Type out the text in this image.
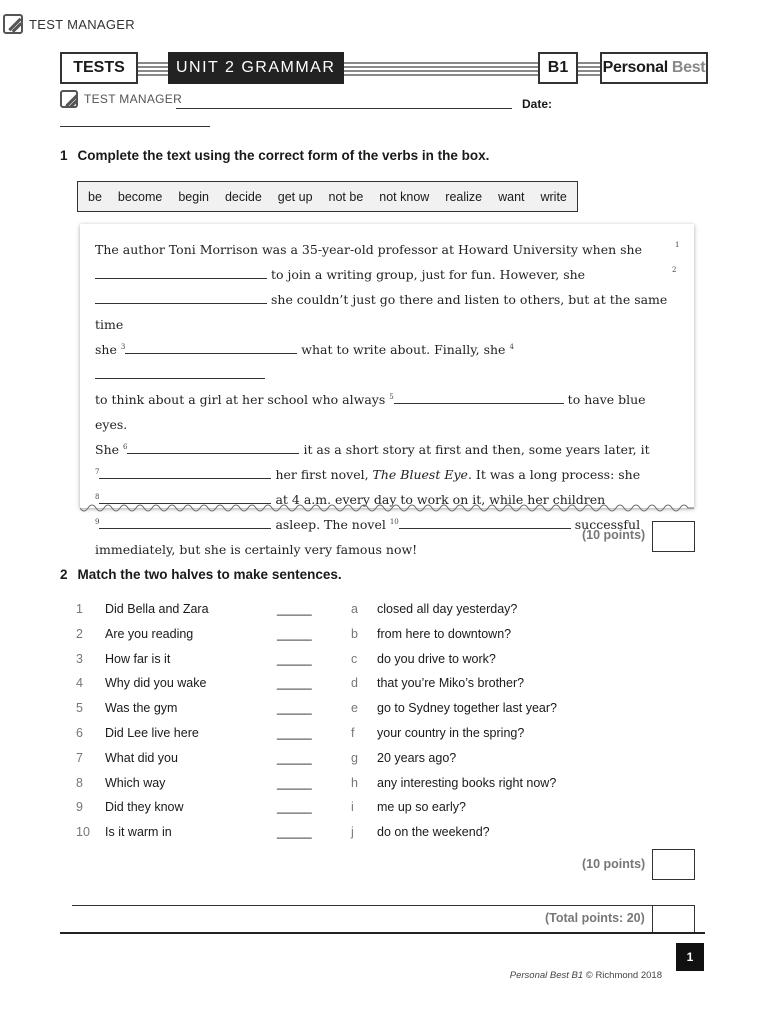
TEST MANAGER
TESTS	UNIT 2 GRAMMAR	B1	Personal Best
TEST MANAGER	Date:
1 Complete the text using the correct form of the verbs in the box.
be become begin decide get up not be not know realize want write
1
2
The author Toni Morrison was a 35-year-old professor at Howard University when she
to join a writing group, just for fun. However, she
she couldn’t just go there and listen to others, but at the same time
she $^3$	what to write about. Finally, she $^4$
to think about a girl at her school who always $^5$	to have blue eyes.
She $^6$	it as a short story at first and then, some years later, it
$^7$	her first novel, The Bluest Eye. It was a long process: she
$^8$	at 4 a.m. every day to work on it, while her children
$^9$	asleep. The novel $^{10}$	successful
immediately, but she is certainly very famous now!
(10 points)
2 Match the two halves to make sentences.
1	Did Bella and Zara	_____	a	closed all day yesterday?
2	Are you reading	_____	b	from here to downtown?
3	How far is it	_____	c	do you drive to work?
4	Why did you wake	_____	d	that you’re Miko’s brother?
5	Was the gym	_____	e	go to Sydney together last year?
6	Did Lee live here	_____	f	your country in the spring?
7	What did you	_____	g	20 years ago?
8	Which way	_____	h	any interesting books right now?
9	Did they know	_____	i	me up so early?
10	Is it warm in	_____	j	do on the weekend?
(10 points)
(Total points: 20)
1
Personal Best B1 © Richmond 2018
